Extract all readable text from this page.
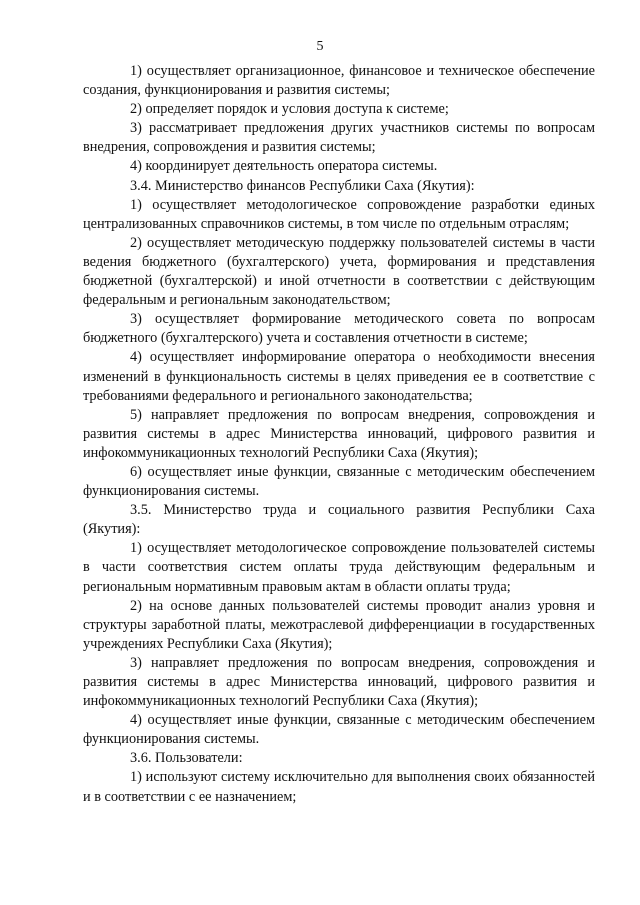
5

1) осуществляет организационное, финансовое и техническое обеспечение создания, функционирования и развития системы;

2) определяет порядок и условия доступа к системе;

3) рассматривает предложения других участников системы по вопросам внедрения, сопровождения и развития системы;

4) координирует деятельность оператора системы.

3.4. Министерство финансов Республики Саха (Якутия):

1) осуществляет методологическое сопровождение разработки единых централизованных справочников системы, в том числе по отдельным отраслям;

2) осуществляет методическую поддержку пользователей системы в части ведения бюджетного (бухгалтерского) учета, формирования и представления бюджетной (бухгалтерской) и иной отчетности в соответствии с действующим федеральным и региональным законодательством;

3) осуществляет формирование методического совета по вопросам бюджетного (бухгалтерского) учета и составления отчетности в системе;

4) осуществляет информирование оператора о необходимости внесения изменений в функциональность системы в целях приведения ее в соответствие с требованиями федерального и регионального законодательства;

5) направляет предложения по вопросам внедрения, сопровождения и развития системы в адрес Министерства инноваций, цифрового развития и инфокоммуникационных технологий Республики Саха (Якутия);

6) осуществляет иные функции, связанные с методическим обеспечением функционирования системы.

3.5. Министерство труда и социального развития Республики Саха (Якутия):

1) осуществляет методологическое сопровождение пользователей системы в части соответствия систем оплаты труда действующим федеральным и региональным нормативным правовым актам в области оплаты труда;

2) на основе данных пользователей системы проводит анализ уровня и структуры заработной платы, межотраслевой дифференциации в государственных учреждениях Республики Саха (Якутия);

3) направляет предложения по вопросам внедрения, сопровождения и развития системы в адрес Министерства инноваций, цифрового развития и инфокоммуникационных технологий Республики Саха (Якутия);

4) осуществляет иные функции, связанные с методическим обеспечением функционирования системы.

3.6. Пользователи:

1) используют систему исключительно для выполнения своих обязанностей и в соответствии с ее назначением;
